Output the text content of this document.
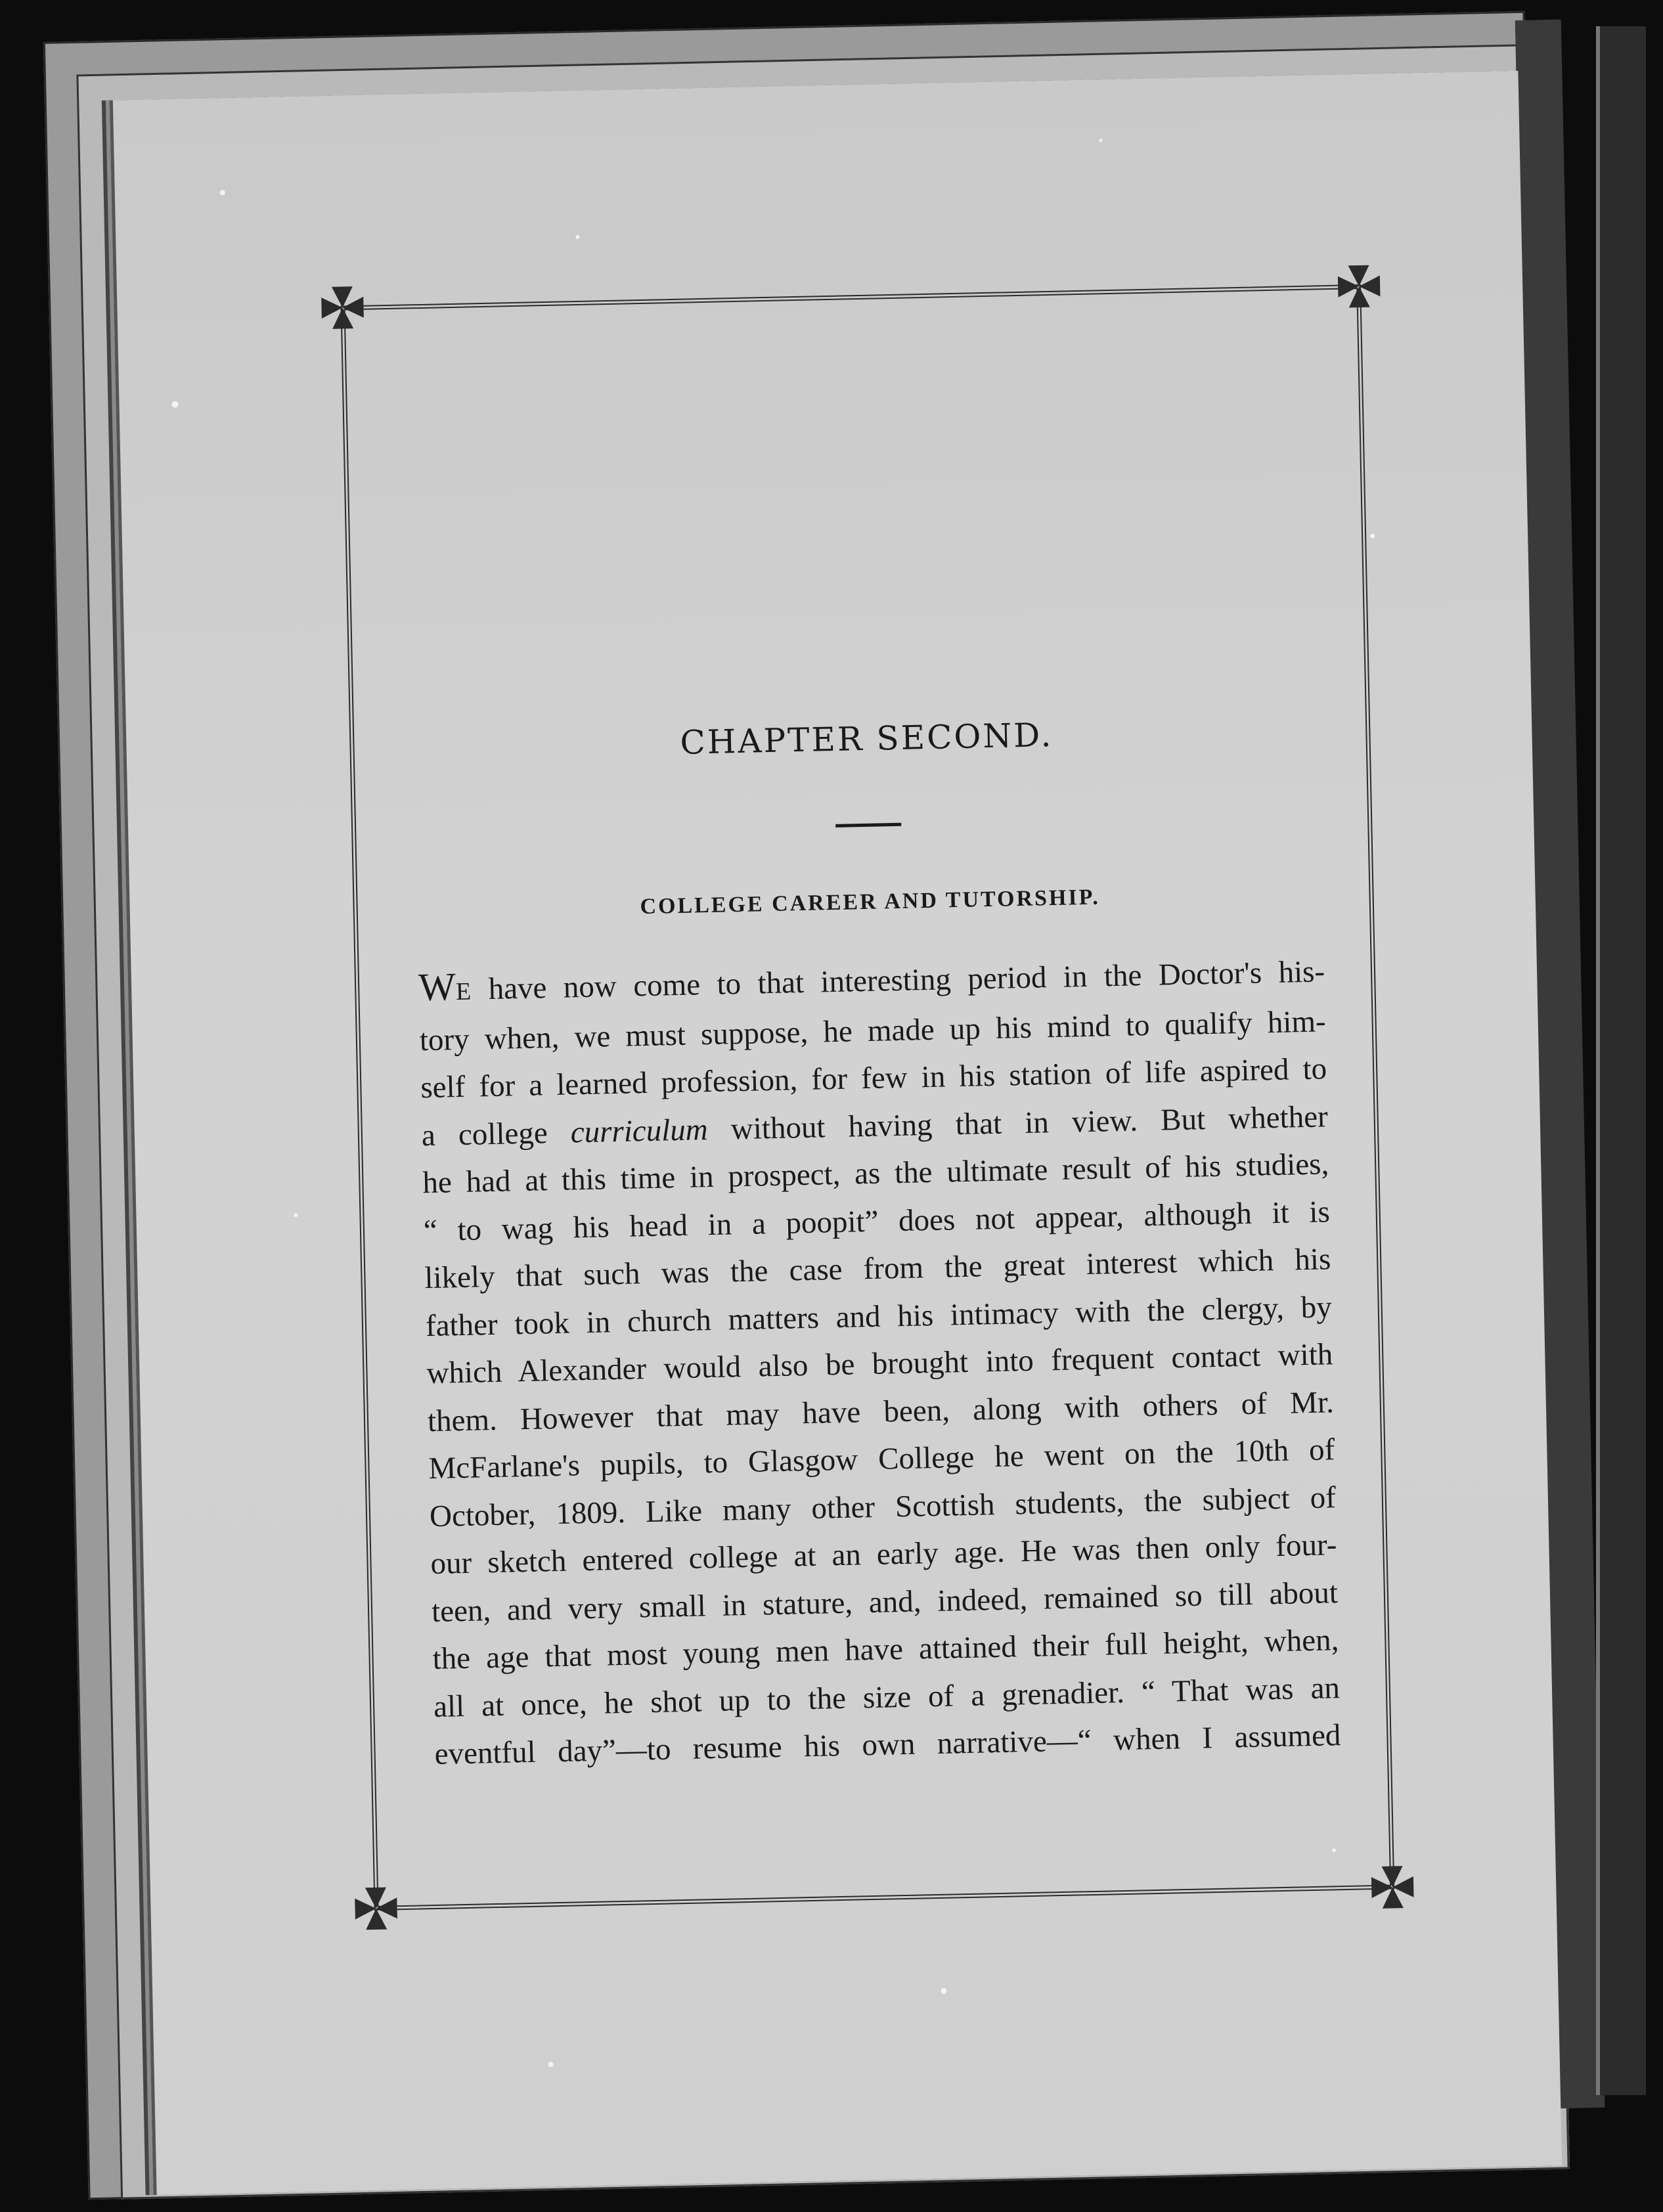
CHAPTER SECOND.
COLLEGE CAREER AND TUTORSHIP.
WE have now come to that interesting period in the Doctor's his-
tory when, we must suppose, he made up his mind to qualify him-
self for a learned profession, for few in his station of life aspired to
a college curriculum without having that in view. But whether
he had at this time in prospect, as the ultimate result of his studies,
“ to wag his head in a poopit” does not appear, although it is
likely that such was the case from the great interest which his
father took in church matters and his intimacy with the clergy, by
which Alexander would also be brought into frequent contact with
them. However that may have been, along with others of Mr.
McFarlane's pupils, to Glasgow College he went on the 10th of
October, 1809. Like many other Scottish students, the subject of
our sketch entered college at an early age. He was then only four-
teen, and very small in stature, and, indeed, remained so till about
the age that most young men have attained their full height, when,
all at once, he shot up to the size of a grenadier. “ That was an
eventful day”—to resume his own narrative—“ when I assumed
